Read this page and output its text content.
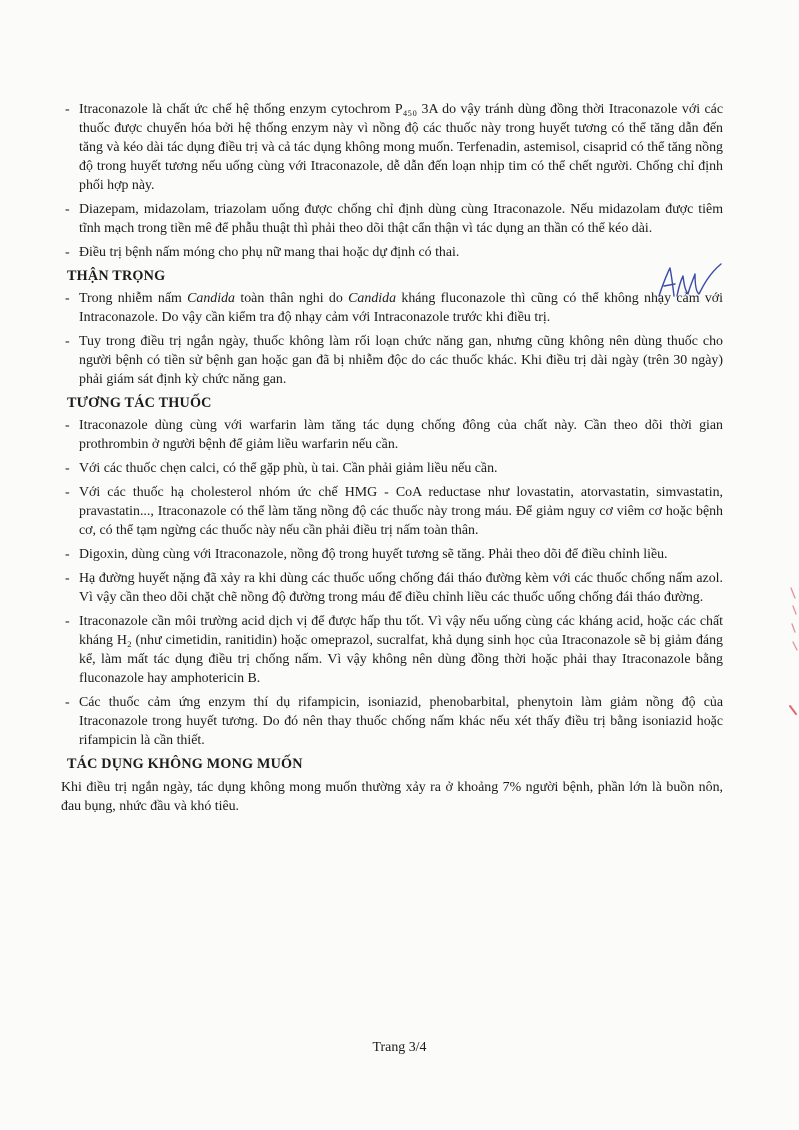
- Itraconazole là chất ức chế hệ thống enzym cytochrom P₄₅₀ 3A do vậy tránh dùng đồng thời Itraconazole với các thuốc được chuyển hóa bởi hệ thống enzym này vì nồng độ các thuốc này trong huyết tương có thể tăng dẫn đến tăng và kéo dài tác dụng điều trị và cả tác dụng không mong muốn. Terfenadin, astemisol, cisaprid có thể tăng nồng độ trong huyết tương nếu uống cùng với Itraconazole, dễ dẫn đến loạn nhịp tim có thể chết người. Chống chỉ định phối hợp này.
- Diazepam, midazolam, triazolam uống được chống chỉ định dùng cùng Itraconazole. Nếu midazolam được tiêm tĩnh mạch trong tiền mê để phẫu thuật thì phải theo dõi thật cẩn thận vì tác dụng an thần có thể kéo dài.
- Điều trị bệnh nấm móng cho phụ nữ mang thai hoặc dự định có thai.
THẬN TRỌNG
- Trong nhiễm nấm Candida toàn thân nghi do Candida kháng fluconazole thì cũng có thể không nhạy cảm với Intraconazole. Do vậy cần kiểm tra độ nhạy cảm với Intraconazole trước khi điều trị.
- Tuy trong điều trị ngắn ngày, thuốc không làm rối loạn chức năng gan, nhưng cũng không nên dùng thuốc cho người bệnh có tiền sử bệnh gan hoặc gan đã bị nhiễm độc do các thuốc khác. Khi điều trị dài ngày (trên 30 ngày) phải giám sát định kỳ chức năng gan.
TƯƠNG TÁC THUỐC
- Itraconazole dùng cùng với warfarin làm tăng tác dụng chống đông của chất này. Cần theo dõi thời gian prothrombin ở người bệnh để giảm liều warfarin nếu cần.
- Với các thuốc chẹn calci, có thể gặp phù, ù tai. Cần phải giảm liều nếu cần.
- Với các thuốc hạ cholesterol nhóm ức chế HMG - CoA reductase như lovastatin, atorvastatin, simvastatin, pravastatin..., Itraconazole có thể làm tăng nồng độ các thuốc này trong máu. Để giảm nguy cơ viêm cơ hoặc bệnh cơ, có thể tạm ngừng các thuốc này nếu cần phải điều trị nấm toàn thân.
- Digoxin, dùng cùng với Itraconazole, nồng độ trong huyết tương sẽ tăng. Phải theo dõi để điều chỉnh liều.
- Hạ đường huyết nặng đã xảy ra khi dùng các thuốc uống chống đái tháo đường kèm với các thuốc chống nấm azol. Vì vậy cần theo dõi chặt chẽ nồng độ đường trong máu để điều chỉnh liều các thuốc uống chống đái tháo đường.
- Itraconazole cần môi trường acid dịch vị để được hấp thu tốt. Vì vậy nếu uống cùng các kháng acid, hoặc các chất kháng H₂ (như cimetidin, ranitidin) hoặc omeprazol, sucralfat, khả dụng sinh học của Itraconazole sẽ bị giảm đáng kể, làm mất tác dụng điều trị chống nấm. Vì vậy không nên dùng đồng thời hoặc phải thay Itraconazole bằng fluconazole hay amphotericin B.
- Các thuốc cảm ứng enzym thí dụ rifampicin, isoniazid, phenobarbital, phenytoin làm giảm nồng độ của Itraconazole trong huyết tương. Do đó nên thay thuốc chống nấm khác nếu xét thấy điều trị bằng isoniazid hoặc rifampicin là cần thiết.
TÁC DỤNG KHÔNG MONG MUỐN

Khi điều trị ngắn ngày, tác dụng không mong muốn thường xảy ra ở khoảng 7% người bệnh, phần lớn là buồn nôn, đau bụng, nhức đầu và khó tiêu.

Trang 3/4
